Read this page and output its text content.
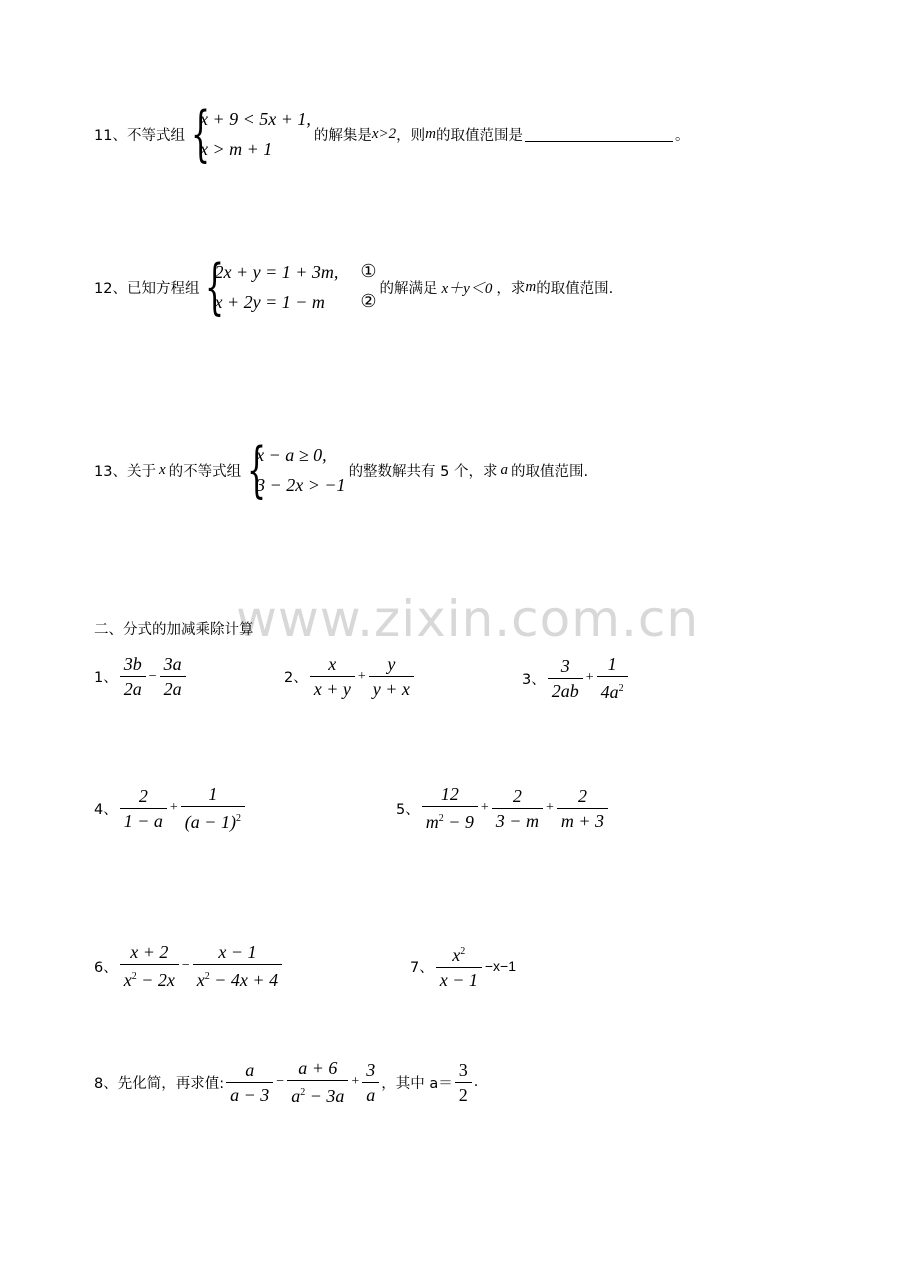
www.zixin.com.cn
11、不等式组 {
x + 9 < 5x + 1,
x > m + 1
的解集是 x>2 ，则 m 的取值范围是	。
12、已知方程组 {
2x + y = 1 + 3m,
x + 2y = 1 − m
①
②
的解满足 x＋y＜0 ，求 m 的取值范围.
13、关于 x 的不等式组 {
x − a ≥ 0,
3 − 2x > −1
的整数解共有 5 个，求 a 的取值范围.
二、分式的加减乘除计算
1、 $\frac{3b}{2a} - \frac{3a}{2a}$	2、 $\frac{x}{x + y} + \frac{y}{y + x}$	3、 $\frac{3}{2ab} + \frac{1}{4a^2}$
4、 $\frac{2}{1 - a} + \frac{1}{(a - 1)^2}$	5、 $\frac{12}{m^2 - 9} + \frac{2}{3 - m} + \frac{2}{m + 3}$
6、 $\frac{x + 2}{x^2 - 2x} - \frac{x - 1}{x^2 - 4x + 4}$	7、 $\frac{x^2}{x - 1} -x-1$
8、先化简，再求值: $\frac{a}{a - 3} - \frac{a + 6}{a^2 - 3a} + \frac{3}{a}$ ，其中 $a= \frac{3}{2}$ .
